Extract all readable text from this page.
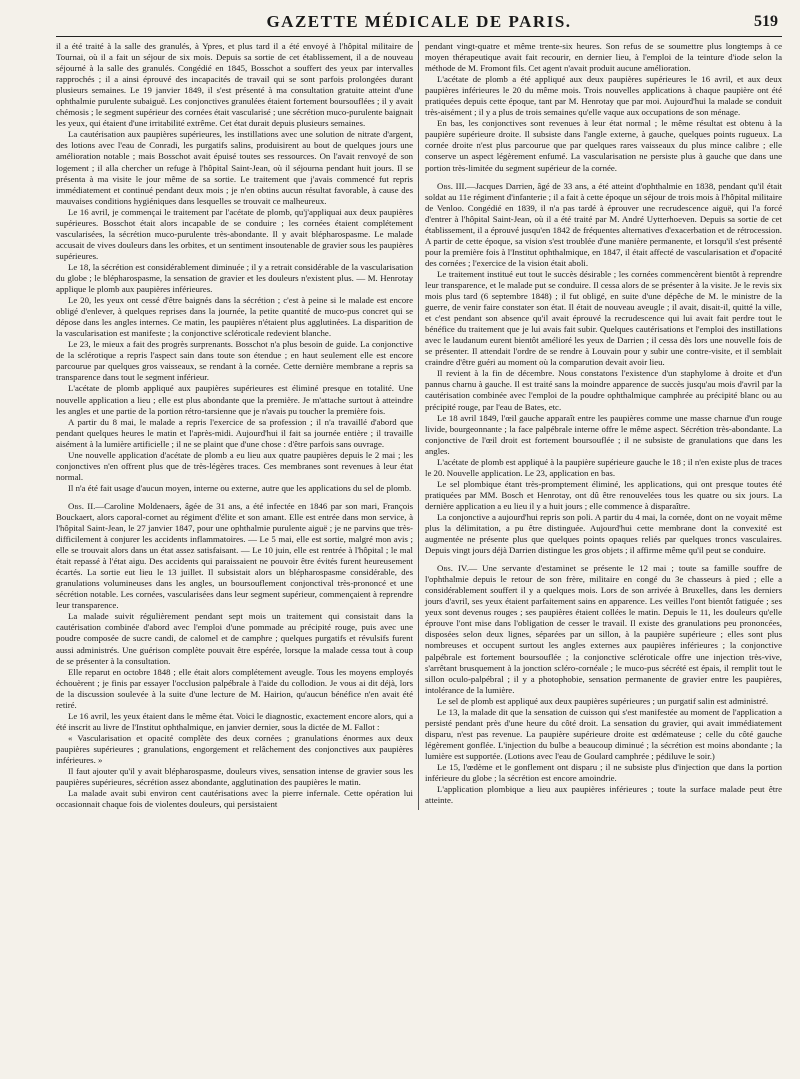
GAZETTE MÉDICALE DE PARIS.	519

il a été traité à la salle des granulés, à Ypres, et plus tard il a été envoyé à l'hôpital militaire de Tournai, où il a fait un séjour de six mois. Depuis sa sortie de cet établissement, il a de nouveau séjourné à la salle des granulés. Congédié en 1845, Bosschot a souffert des yeux par intervalles rapprochés ; il a ainsi éprouvé des incapacités de travail qui se sont parfois prolongées durant plusieurs semaines. Le 19 janvier 1849, il s'est présenté à ma consultation gratuite atteint d'une ophthalmie purulente subaiguë. Les conjonctives granulées étaient fortement boursouflées ; il y avait chémosis ; le segment supérieur des cornées était vascularisé ; une sécrétion muco-purulente baignait les yeux, qui étaient d'une irritabilité extrême. Cet état durait depuis plusieurs semaines.

La cautérisation aux paupières supérieures, les instillations avec une solution de nitrate d'argent, des lotions avec l'eau de Conradi, les purgatifs salins, produisirent au bout de quelques jours une amélioration notable ; mais Bosschot avait épuisé toutes ses ressources. On l'avait renvoyé de son logement ; il alla chercher un refuge à l'hôpital Saint-Jean, où il séjourna pendant huit jours. Il se présenta à ma visite le jour même de sa sortie. Le traitement que j'avais commencé fut repris immédiatement et continué pendant deux mois ; je n'en obtins aucun résultat favorable, à cause des mauvaises conditions hygiéniques dans lesquelles se trouvait ce malheureux.

Le 16 avril, je commençai le traitement par l'acétate de plomb, qu'j'appliquai aux deux paupières supérieures. Bosschot était alors incapable de se conduire ; les cornées étaient complétement vascularisées, la sécrétion muco-purulente très-abondante. Il y avait blépharospasme. Le malade accusait de vives douleurs dans les orbites, et un sentiment insoutenable de gravier sous les paupières supérieures.

Le 18, la sécrétion est considérablement diminuée ; il y a retrait considérable de la vascularisation du globe ; le blépharospasme, la sensation de gravier et les douleurs n'existent plus. — M. Henrotay applique le plomb aux paupières inférieures.

Le 20, les yeux ont cessé d'être baignés dans la sécrétion ; c'est à peine si le malade est encore obligé d'enlever, à quelques reprises dans la journée, la petite quantité de muco-pus concret qui se dépose dans les angles internes. Ce matin, les paupières n'étaient plus agglutinées. La disparition de la vascularisation est manifeste ; la conjonctive scléroticale redevient blanche.

Le 23, le mieux a fait des progrès surprenants. Bosschot n'a plus besoin de guide. La conjonctive de la sclérotique a repris l'aspect sain dans toute son étendue ; en haut seulement elle est encore parcourue par quelques gros vaisseaux, se rendant à la cornée. Cette dernière membrane a repris sa transparence dans tout le segment inférieur.

L'acétate de plomb appliqué aux paupières supérieures est éliminé presque en totalité. Une nouvelle application a lieu ; elle est plus abondante que la première. Je m'attache surtout à atteindre les angles et une partie de la portion rétro-tarsienne que je n'avais pu toucher la première fois.

A partir du 8 mai, le malade a repris l'exercice de sa profession ; il n'a travaillé d'abord que pendant quelques heures le matin et l'après-midi. Aujourd'hui il fait sa journée entière ; il travaille aisément à la lumière artificielle ; il ne se plaint que d'une chose : d'être parfois sans ouvrage.

Une nouvelle application d'acétate de plomb a eu lieu aux quatre paupières depuis le 2 mai ; les conjonctives n'en offrent plus que de très-légères traces. Ces membranes sont revenues à leur état normal.

Il n'a été fait usage d'aucun moyen, interne ou externe, autre que les applications du sel de plomb.

Obs. II.—Caroline Moldenaers, âgée de 31 ans, a été infectée en 1846 par son mari, François Bouckaert, alors caporal-cornet au régiment d'élite et son amant. Elle est entrée dans mon service, à l'hôpital Saint-Jean, le 27 janvier 1847, pour une ophthalmie purulente aiguë ; je ne parvins que très-difficilement à conjurer les accidents inflammatoires. — Le 5 mai, elle est sortie, malgré mon avis ; elle se trouvait alors dans un état assez satisfaisant. — Le 10 juin, elle est rentrée à l'hôpital ; le mal était repassé à l'état aigu. Des accidents qui paraissaient ne pouvoir être évités furent heureusement écartés. La sortie eut lieu le 13 juillet. Il subsistait alors un blépharospasme considérable, des granulations volumineuses dans les angles, un boursouflement conjonctival très-prononcé et une sécrétion notable. Les cornées, vascularisées dans leur segment supérieur, commençaient à reprendre leur transparence.

La malade suivit régulièrement pendant sept mois un traitement qui consistait dans la cautérisation combinée d'abord avec l'emploi d'une pommade au précipité rouge, puis avec une poudre composée de sucre candi, de calomel et de camphre ; quelques purgatifs et révulsifs furent aussi administrés. Une guérison complète pouvait être espérée, lorsque la malade cessa tout à coup de se présenter à la consultation.

Elle reparut en octobre 1848 ; elle était alors complétement aveugle. Tous les moyens employés échouèrent ; je finis par essayer l'occlusion palpébrale à l'aide du collodion. Je vous ai dit déjà, lors de la discussion soulevée à la suite d'une lecture de M. Hairion, qu'aucun bénéfice n'en avait été retiré.

Le 16 avril, les yeux étaient dans le même état. Voici le diagnostic, exactement encore alors, qui a été inscrit au livre de l'Institut ophthalmique, en janvier dernier, sous la dictée de M. Fallot :

« Vascularisation et opacité complète des deux cornées ; granulations énormes aux deux paupières supérieures ; granulations, engorgement et relâchement des conjonctives aux paupières inférieures. »

Il faut ajouter qu'il y avait blépharospasme, douleurs vives, sensation intense de gravier sous les paupières supérieures, sécrétion assez abondante, agglutination des paupières le matin.

La malade avait subi environ cent cautérisations avec la pierre infernale. Cette opération lui occasionnait chaque fois de violentes douleurs, qui persistaient

pendant vingt-quatre et même trente-six heures. Son refus de se soumettre plus longtemps à ce moyen thérapeutique avait fait recourir, en dernier lieu, à l'emploi de la teinture d'iode selon la méthode de M. Fromont fils. Cet agent n'avait produit aucune amélioration.

L'acétate de plomb a été appliqué aux deux paupières supérieures le 16 avril, et aux deux paupières inférieures le 20 du même mois. Trois nouvelles applications à chaque paupière ont été pratiquées depuis cette époque, tant par M. Henrotay que par moi. Aujourd'hui la malade se conduit très-aisément ; il y a plus de trois semaines qu'elle vaque aux occupations de son ménage.

En bas, les conjonctives sont revenues à leur état normal ; le même résultat est obtenu à la paupière supérieure droite. Il subsiste dans l'angle externe, à gauche, quelques points rugueux. La cornée droite n'est plus parcourue que par quelques rares vaisseaux du plus mince calibre ; elle conserve un aspect légèrement enfumé. La vascularisation ne persiste plus à gauche que dans une portion très-limitée du segment supérieur de la cornée.

Obs. III.—Jacques Darrien, âgé de 33 ans, a été atteint d'ophthalmie en 1838, pendant qu'il était soldat au 11e régiment d'infanterie ; il a fait à cette époque un séjour de trois mois à l'hôpital militaire de Venloo. Congédié en 1839, il n'a pas tardé à éprouver une recrudescence aiguë, qui l'a forcé d'entrer à l'hôpital Saint-Jean, où il a été traité par M. André Uytterhoeven. Depuis sa sortie de cet établissement, il a éprouvé jusqu'en 1842 de fréquentes alternatives d'exacerbation et de rétrocession. A partir de cette époque, sa vision s'est troublée d'une manière permanente, et lorsqu'il s'est présenté pour la première fois à l'Institut ophthalmique, en 1847, il était affecté de vascularisation et d'opacité des cornées ; l'exercice de la vision était aboli.

Le traitement institué eut tout le succès désirable ; les cornées commencèrent bientôt à reprendre leur transparence, et le malade put se conduire. Il cessa alors de se présenter à la visite. Je le revis six mois plus tard (6 septembre 1848) ; il fut obligé, en suite d'une dépêche de M. le ministre de la guerre, de venir faire constater son état. Il était de nouveau aveugle ; il avait, disait-il, quitté la ville, et c'est pendant son absence qu'il avait éprouvé la recrudescence qui lui avait fait perdre tout le bénéfice du traitement que je lui avais fait subir. Quelques cautérisations et l'emploi des instillations avec le laudanum eurent bientôt amélioré les yeux de Darrien ; il cessa dès lors une nouvelle fois de se présenter. Il attendait l'ordre de se rendre à Louvain pour y subir une contre-visite, et il semblait craindre d'être guéri au moment où la comparution devait avoir lieu.

Il revient à la fin de décembre. Nous constatons l'existence d'un staphylome à droite et d'un pannus charnu à gauche. Il est traité sans la moindre apparence de succès jusqu'au mois d'avril par la cautérisation combinée avec l'emploi de la poudre ophthalmique camphrée au précipité blanc ou au précipité rouge, par l'eau de Bates, etc.

Le 18 avril 1849, l'œil gauche apparaît entre les paupières comme une masse charnue d'un rouge livide, bourgeonnante ; la face palpébrale interne offre le même aspect. Sécrétion très-abondante. La conjonctive de l'œil droit est fortement boursouflée ; il ne subsiste de granulations que dans les angles.

L'acétate de plomb est appliqué à la paupière supérieure gauche le 18 ; il n'en existe plus de traces le 20. Nouvelle application. Le 23, application en bas.

Le sel plombique étant très-promptement éliminé, les applications, qui ont presque toutes été pratiquées par MM. Bosch et Henrotay, ont dû être renouvelées tous les quatre ou six jours. La dernière application a eu lieu il y a huit jours ; elle commence à disparaître.

La conjonctive a aujourd'hui repris son poli. A partir du 4 mai, la cornée, dont on ne voyait même plus la délimitation, a pu être distinguée. Aujourd'hui cette membrane dont la convexité est augmentée ne présente plus que quelques points opaques reliés par quelques troncs vasculaires. Depuis vingt jours déjà Darrien distingue les gros objets ; il affirme même qu'il peut se conduire.

Obs. IV.— Une servante d'estaminet se présente le 12 mai ; toute sa famille souffre de l'ophthalmie depuis le retour de son frère, militaire en congé du 3e chasseurs à pied ; elle a considérablement souffert il y a quelques mois. Lors de son arrivée à Bruxelles, dans les derniers jours d'avril, ses yeux étaient parfaitement sains en apparence. Les veilles l'ont bientôt fatiguée ; ses yeux sont devenus rouges ; ses paupières étaient collées le matin. Depuis le 11, les douleurs qu'elle éprouve l'ont mise dans l'obligation de cesser le travail. Il existe des granulations peu prononcées, disposées selon deux lignes, séparées par un sillon, à la paupière supérieure ; elles sont plus nombreuses et occupent surtout les angles externes aux paupières inférieures ; la conjonctive palpébrale est fortement boursouflée ; la conjonctive scléroticale offre une injection très-vive, s'arrêtant brusquement à la jonction scléro-cornéale ; le muco-pus sécrété est épais, il remplit tout le sillon oculo-palpébral ; il y a photophobie, sensation permanente de gravier entre les paupières, intolérance de la lumière.

Le sel de plomb est appliqué aux deux paupières supérieures ; un purgatif salin est administré.

Le 13, la malade dit que la sensation de cuisson qui s'est manifestée au moment de l'application a persisté pendant près d'une heure du côté droit. La sensation du gravier, qui avait immédiatement disparu, n'est pas revenue. La paupière supérieure droite est œdémateuse ; celle du côté gauche légèrement gonflée. L'injection du bulbe a beaucoup diminué ; la sécrétion est moins abondante ; la lumière est supportée. (Lotions avec l'eau de Goulard camphrée ; pédiluve le soir.)

Le 15, l'œdème et le gonflement ont disparu ; il ne subsiste plus d'injection que dans la portion inférieure du globe ; la sécrétion est encore amoindrie.

L'application plombique a lieu aux paupières inférieures ; toute la surface malade peut être atteinte.
